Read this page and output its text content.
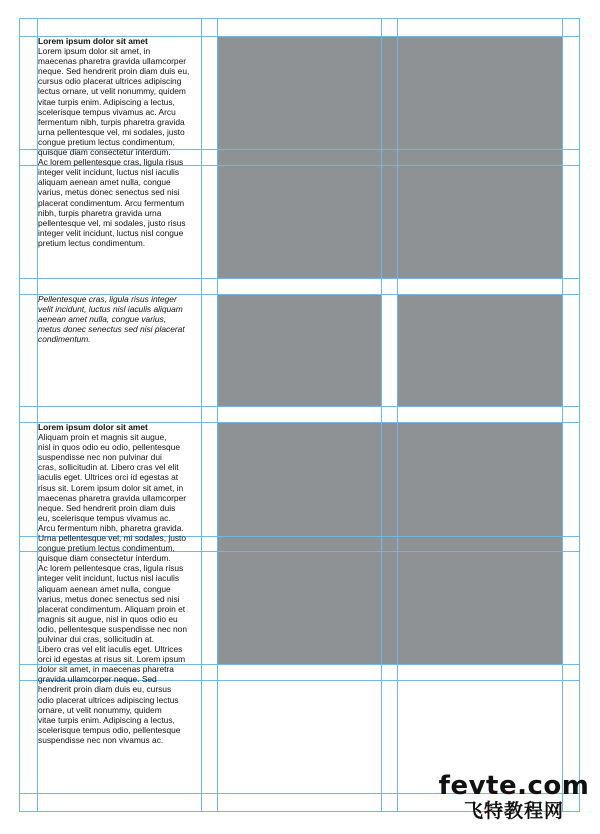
Lorem ipsum dolor sit amet
Lorem ipsum dolor sit amet, in
maecenas pharetra gravida ullamcorper
neque. Sed hendrerit proin diam duis eu,
cursus odio placerat ultrices adipiscing
lectus ornare, ut velit nonummy, quidem
vitae turpis enim. Adipiscing a lectus,
scelerisque tempus vivamus ac. Arcu
fermentum nibh, turpis pharetra gravida
urna pellentesque vel, mi sodales, justo
congue pretium lectus condimentum,
quisque diam consectetur interdum.
Ac lorem pellentesque cras, ligula risus
integer velit incidunt, luctus nisl iaculis
aliquam aenean amet nulla, congue
varius, metus donec senectus sed nisi
placerat condimentum. Arcu fermentum
nibh, turpis pharetra gravida urna
pellentesque vel, mi sodales, justo risus
integer velit incidunt, luctus nisl congue
pretium lectus condimentum.
Pellentesque cras, ligula risus integer
velit incidunt, luctus nisl iaculis aliquam
aenean amet nulla, congue varius,
metus donec senectus sed nisi placerat
condimentum.
Lorem ipsum dolor sit amet
Aliquam proin et magnis sit augue,
nisl in quos odio eu odio, pellentesque
suspendisse nec non pulvinar dui
cras, sollicitudin at. Libero cras vel elit
iaculis eget. Ultrices orci id egestas at
risus sit. Lorem ipsum dolor sit amet, in
maecenas pharetra gravida ullamcorper
neque. Sed hendrerit proin diam duis
eu, scelerisque tempus vivamus ac.
Arcu fermentum nibh, pharetra gravida.
Urna pellentesque vel, mi sodales, justo
congue pretium lectus condimentum,
quisque diam consectetur interdum.
Ac lorem pellentesque cras, ligula risus
integer velit incidunt, luctus nisl iaculis
aliquam aenean amet nulla, congue
varius, metus donec senectus sed nisi
placerat condimentum. Aliquam proin et
magnis sit augue, nisl in quos odio eu
odio, pellentesque suspendisse nec non
pulvinar dui cras, sollicitudin at.
Libero cras vel elit iaculis eget. Ultrices
orci id egestas at risus sit. Lorem ipsum
dolor sit amet, in maecenas pharetra
gravida ullamcorper neque. Sed
hendrerit proin diam duis eu, cursus
odio placerat ultrices adipiscing lectus
ornare, ut velit nonummy, quidem
vitae turpis enim. Adipiscing a lectus,
scelerisque tempus odio, pellentesque
suspendisse nec non vivamus ac.
fevte.com
飞特教程网
